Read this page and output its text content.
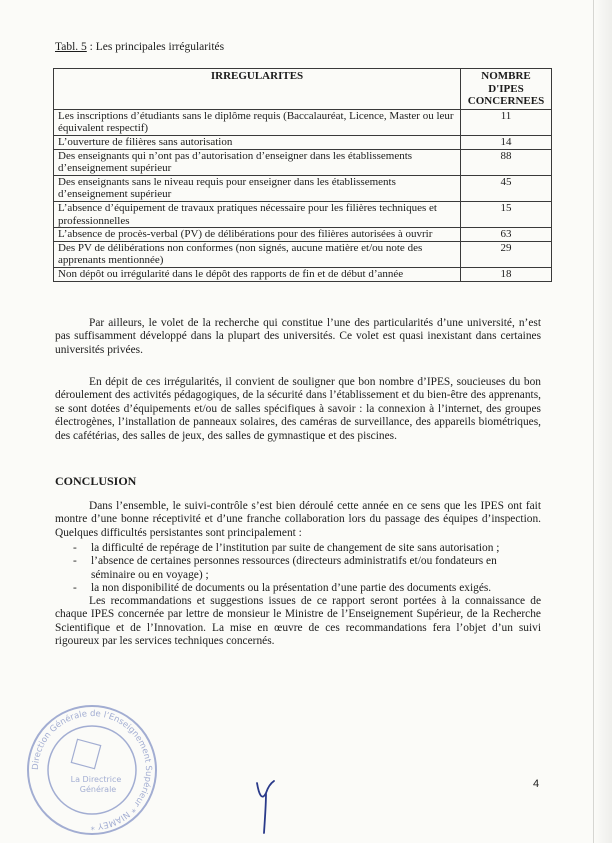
Tabl. 5 : Les principales irrégularités
IRREGULARITES	NOMBRE D'IPES CONCERNEES
Les inscriptions d’étudiants sans le diplôme requis (Baccalauréat, Licence, Master ou leur équivalent respectif)	11
L’ouverture de filières sans autorisation	14
Des enseignants qui n’ont pas d’autorisation d’enseigner dans les établissements d’enseignement supérieur	88
Des enseignants sans le niveau requis pour enseigner dans les établissements d’enseignement supérieur	45
L’absence d’équipement de travaux pratiques nécessaire pour les filières techniques et professionnelles	15
L’absence de procès-verbal (PV) de délibérations pour des filières autorisées à ouvrir	63
Des PV de délibérations non conformes (non signés, aucune matière et/ou note des apprenants mentionnée)	29
Non dépôt ou irrégularité dans le dépôt des rapports de fin et de début d’année	18

Par ailleurs, le volet de la recherche qui constitue l’une des particularités d’une université, n’est pas suffisamment développé dans la plupart des universités. Ce volet est quasi inexistant dans certaines universités privées.

En dépit de ces irrégularités, il convient de souligner que bon nombre d’IPES, soucieuses du bon déroulement des activités pédagogiques, de la sécurité dans l’établissement et du bien-être des apprenants, se sont dotées d’équipements et/ou de salles spécifiques à savoir : la connexion à l’internet, des groupes électrogènes, l’installation de panneaux solaires, des caméras de surveillance, des appareils biométriques, des cafétérias, des salles de jeux, des salles de gymnastique et des piscines.

CONCLUSION

Dans l’ensemble, le suivi-contrôle s’est bien déroulé cette année en ce sens que les IPES ont fait montre d’une bonne réceptivité et d’une franche collaboration lors du passage des équipes d’inspection. Quelques difficultés persistantes sont principalement :

- la difficulté de repérage de l’institution par suite de changement de site sans autorisation ;
- l’absence de certaines personnes ressources (directeurs administratifs et/ou fondateurs en séminaire ou en voyage) ;
- la non disponibilité de documents ou la présentation d’une partie des documents exigés.

Les recommandations et suggestions issues de ce rapport seront portées à la connaissance de chaque IPES concernée par lettre de monsieur le Ministre de l’Enseignement Supérieur, de la Recherche Scientifique et de l’Innovation. La mise en œuvre de ces recommandations fera l’objet d’un suivi rigoureux par les services techniques concernés.

Direction Générale de l’Enseignement Supérieur * NIAMEY *
La Directrice
Générale	4
